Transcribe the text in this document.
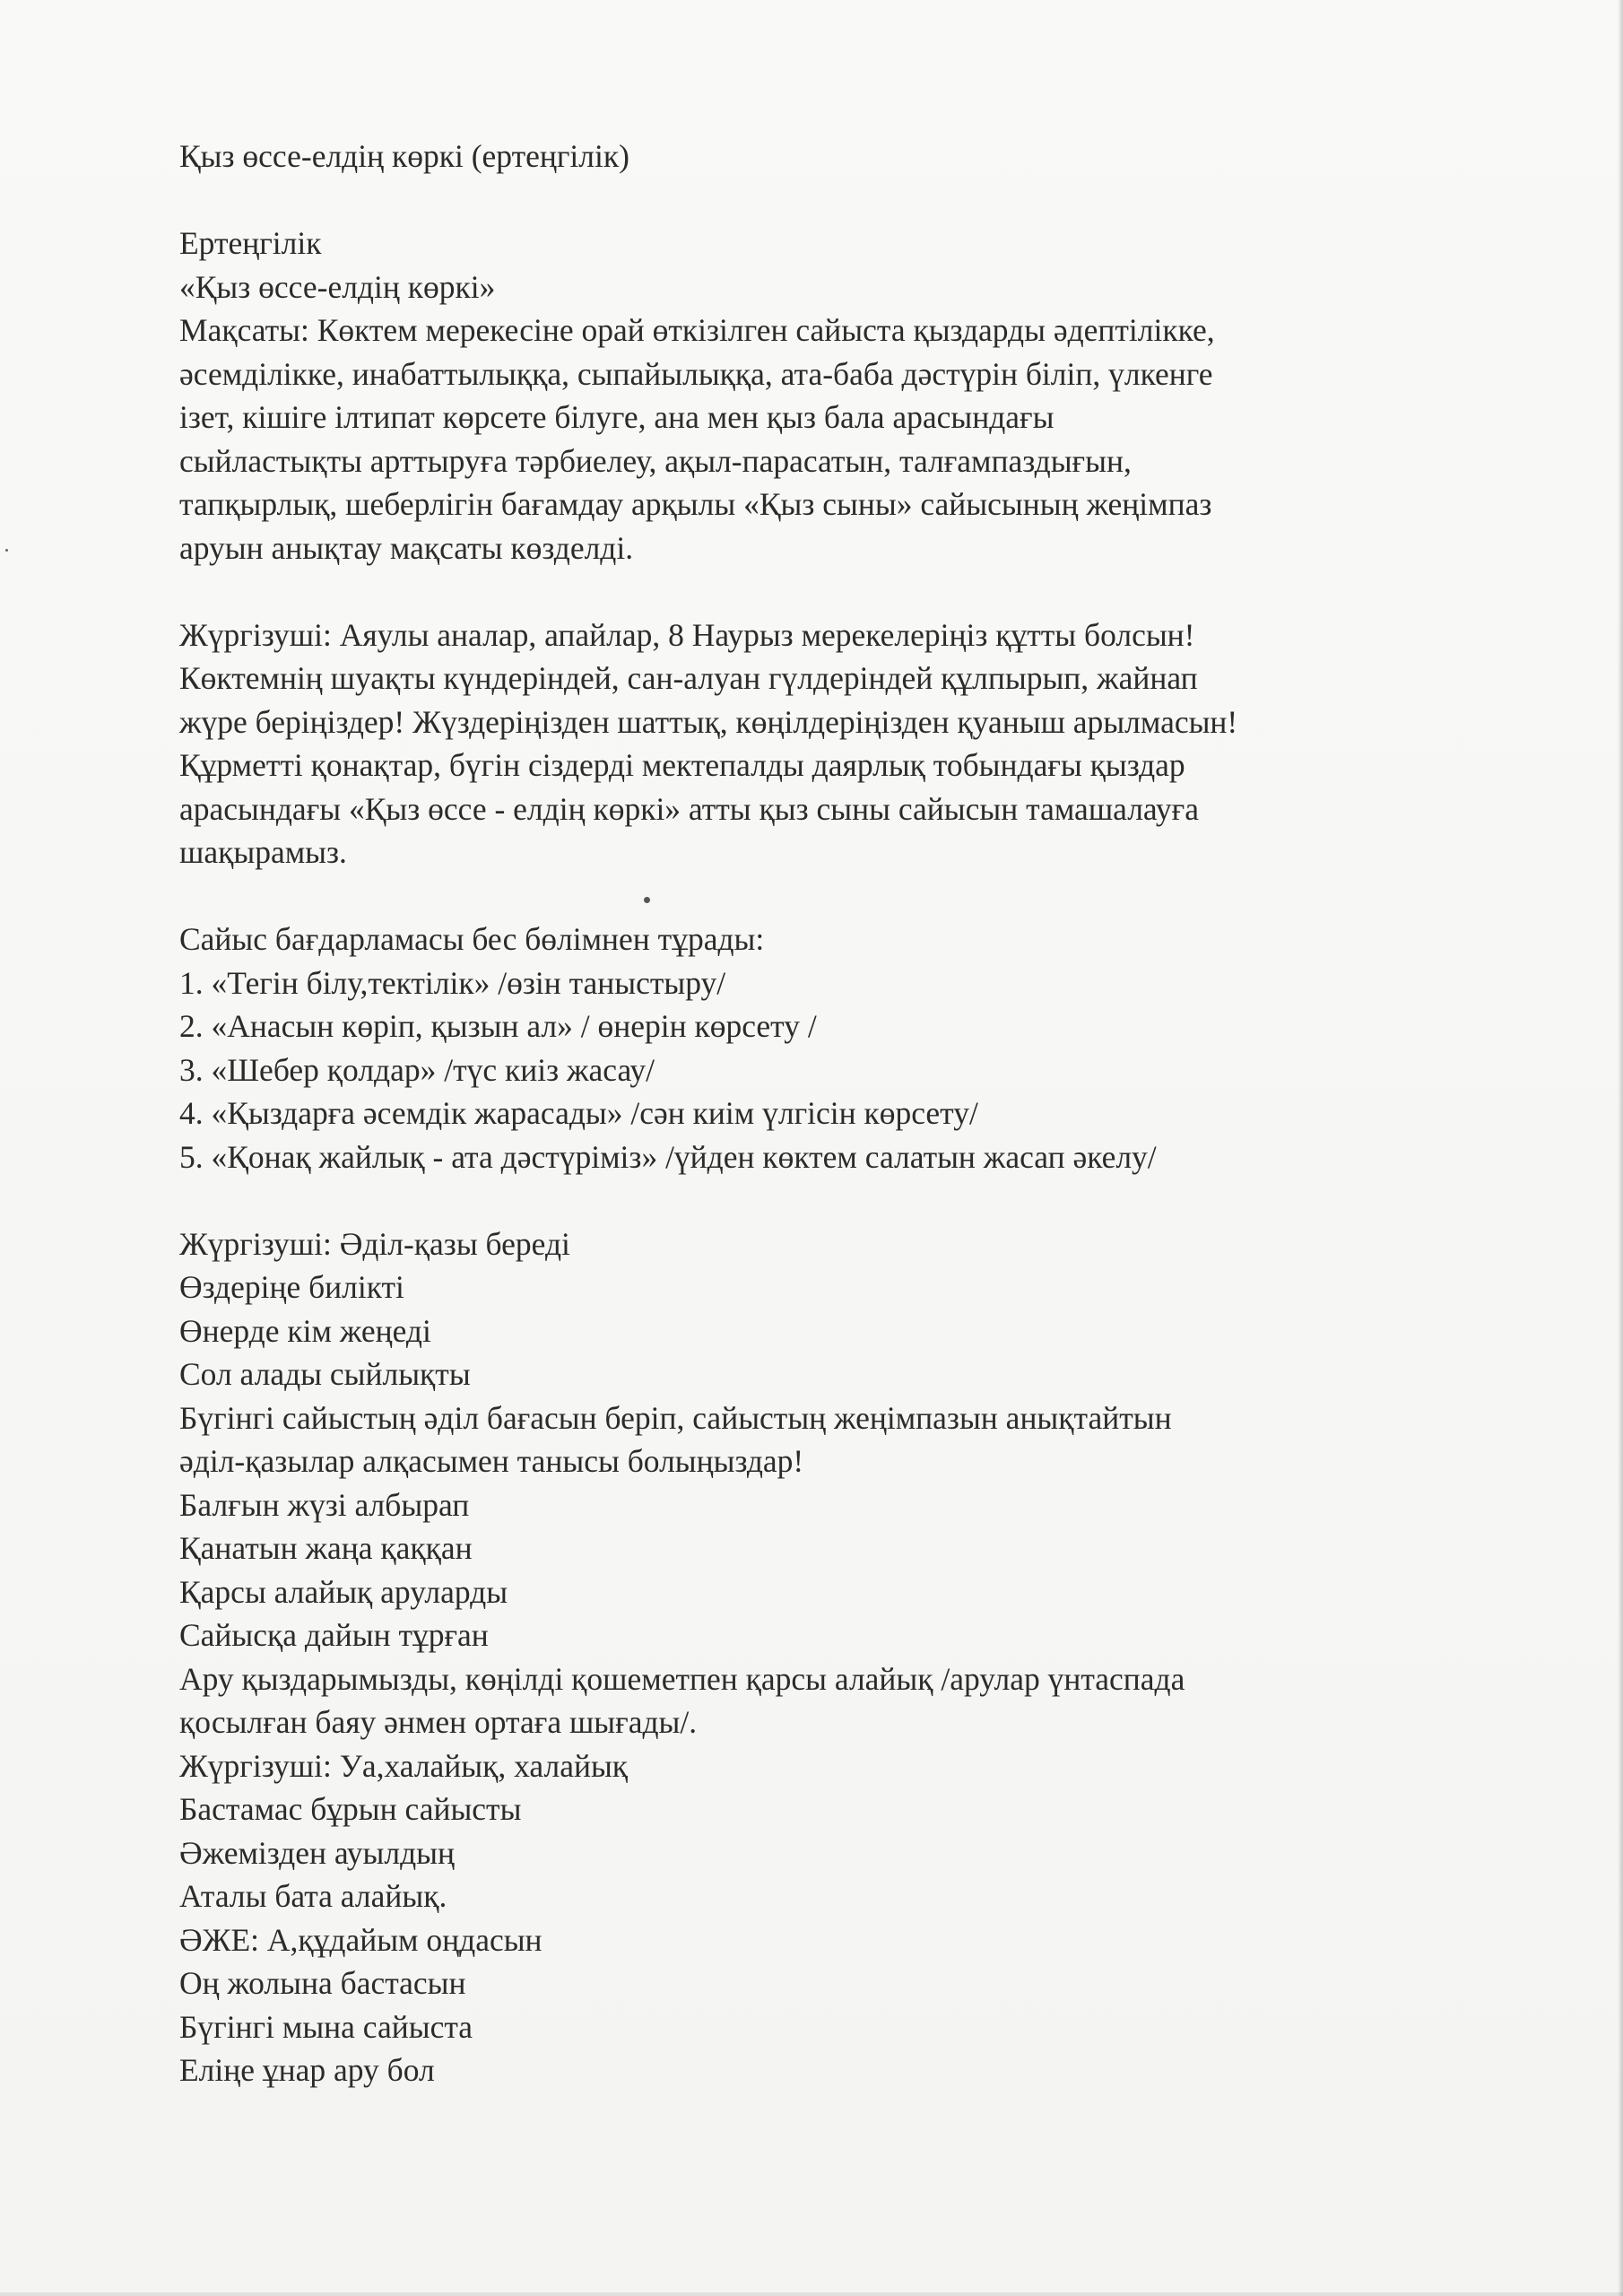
Қыз өссе-елдің көркі (ертеңгілік)
Ертеңгілік
«Қыз өссе-елдің көркі»
Мақсаты: Көктем мерекесіне орай өткізілген сайыста қыздарды әдептілікке,
әсемділікке, инабаттылыққа, сыпайылыққа, ата-баба дәстүрін біліп, үлкенге
ізет, кішіге ілтипат көрсете білуге, ана мен қыз бала арасындағы
сыйластықты арттыруға тәрбиелеу, ақыл-парасатын, талғампаздығын,
тапқырлық, шеберлігін бағамдау арқылы «Қыз сыны» сайысының жеңімпаз
аруын анықтау мақсаты көзделді.
Жүргізуші: Аяулы аналар, апайлар, 8 Наурыз мерекелеріңіз құтты болсын!
Көктемнің шуақты күндеріндей, сан-алуан гүлдеріндей құлпырып, жайнап
жүре беріңіздер! Жүздеріңізден шаттық, көңілдеріңізден қуаныш арылмасын!
Құрметті қонақтар, бүгін сіздерді мектепалды даярлық тобындағы қыздар
арасындағы «Қыз өссе - елдің көркі» атты қыз сыны сайысын тамашалауға
шақырамыз.
Сайыс бағдарламасы бес бөлімнен тұрады:
1. «Тегін білу,тектілік» /өзін таныстыру/
2. «Анасын көріп, қызын ал» / өнерін көрсету /
3. «Шебер қолдар» /түс киіз жасау/
4. «Қыздарға әсемдік жарасады» /сән киім үлгісін көрсету/
5. «Қонақ жайлық - ата дәстүріміз» /үйден көктем салатын жасап әкелу/
Жүргізуші: Әділ-қазы береді
Өздеріңе билікті
Өнерде кім жеңеді
Сол алады сыйлықты
Бүгінгі сайыстың әділ бағасын беріп, сайыстың жеңімпазын анықтайтын
әділ-қазылар алқасымен танысы болыңыздар!
Балғын жүзі албырап
Қанатын жаңа қаққан
Қарсы алайық аруларды
Сайысқа дайын тұрған
Ару қыздарымызды, көңілді қошеметпен қарсы алайық /арулар үнтаспада
қосылған баяу әнмен ортаға шығады/.
Жүргізуші: Уа,халайық, халайық
Бастамас бұрын сайысты
Әжемізден ауылдың
Аталы бата алайық.
ӘЖЕ: А,құдайым оңдасын
Оң жолына бастасын
Бүгінгі мына сайыста
Еліңе ұнар ару бол
